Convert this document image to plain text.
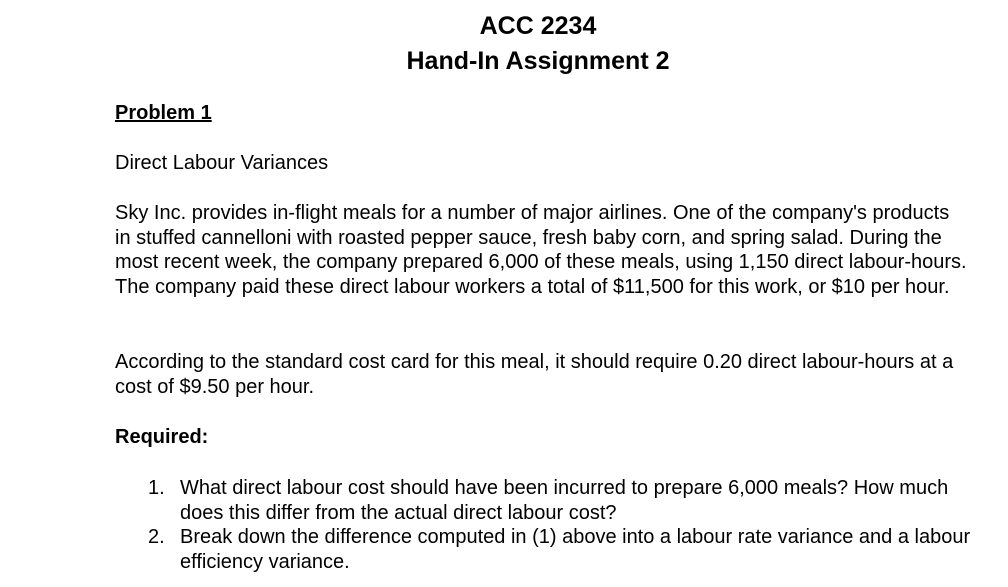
ACC 2234
Hand-In Assignment 2
Problem 1

Direct Labour Variances

Sky Inc. provides in-flight meals for a number of major airlines. One of the company's products in stuffed cannelloni with roasted pepper sauce, fresh baby corn, and spring salad. During the most recent week, the company prepared 6,000 of these meals, using 1,150 direct labour-hours. The company paid these direct labour workers a total of $11,500 for this work, or $10 per hour.

According to the standard cost card for this meal, it should require 0.20 direct labour-hours at a cost of $9.50 per hour.

Required:

1. What direct labour cost should have been incurred to prepare 6,000 meals? How much does this differ from the actual direct labour cost?
2. Break down the difference computed in (1) above into a labour rate variance and a labour efficiency variance.
